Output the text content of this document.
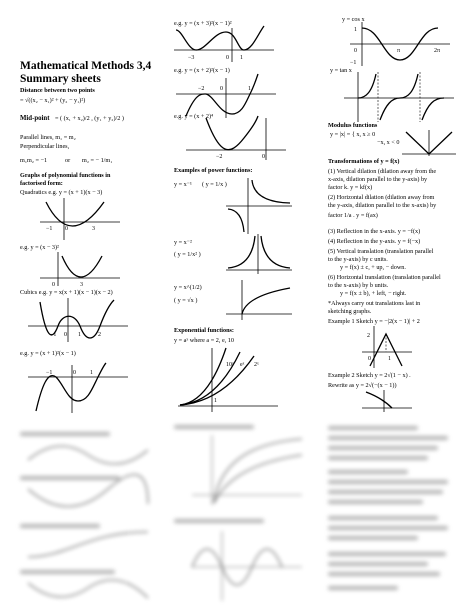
Mathematical Methods 3,4
Summary sheets
Distance between two points
= √((x₂ − x₁)² + (y₂ − y₁)²)
Mid-point = ( (x₁ + x₂)/2 , (y₁ + y₂)/2 )
Parallel lines, m₁ = m₂
Perpendicular lines,
m₁m₂ = −1	or m₂ = − 1/m₁
Graphs of polynomial functions in
factorised form:
Quadratics e.g. y = (x + 1)(x − 3)
−1 0	3
e.g. y = (x − 3)²
0	3
Cubics e.g. y = x(x + 1)(x − 1)(x − 2)
−1 0 1	2
e.g. y = (x + 1)²(x − 1)
−1	0 1
e.g. y = (x + 3)²(x − 1)²
−3	0 1
e.g. y = (x + 2)²(x − 1)
−2	0	1
e.g. y = (x + 2)⁴
−2	0
Examples of power functions:
y = x⁻¹ ( y = 1/x )
y = x⁻²
( y = 1/x² )
y = x^(1/2)
( y = √x )
Exponential functions:
y = aˣ where a = 2, e, 10
10ˣ eˣ 2ˣ
1
y = cos x
1
0	π	2π
−1
y = tan x
Modulus functions
y = |x| = { x, x ≥ 0
−x, x < 0
Transformations of y = f(x)
(1) Vertical dilation (dilation away from the
x-axis, dilation parallel to the y-axis) by
factor k. y = kf(x)
(2) Horizontal dilation (dilation away from
the y-axis, dilation parallel to the x-axis) by
factor 1/a . y = f(ax)
(3) Reflection in the x-axis. y = −f(x)
(4) Reflection in the y-axis. y = f(−x)
(5) Vertical translation (translation parallel
to the y-axis) by c units.
y = f(x) ± c, + up, − down.
(6) Horizontal translation (translation parallel
to the x-axis) by b units.
y = f(x ± b), + left, − right.
*Always carry out translations last in
sketching graphs.
Example 1 Sketch y = −|2(x − 1)| + 2
2
0	1
Example 2 Sketch y = 2√(1 − x) .
Rewrite as y = 2√(−(x − 1))
